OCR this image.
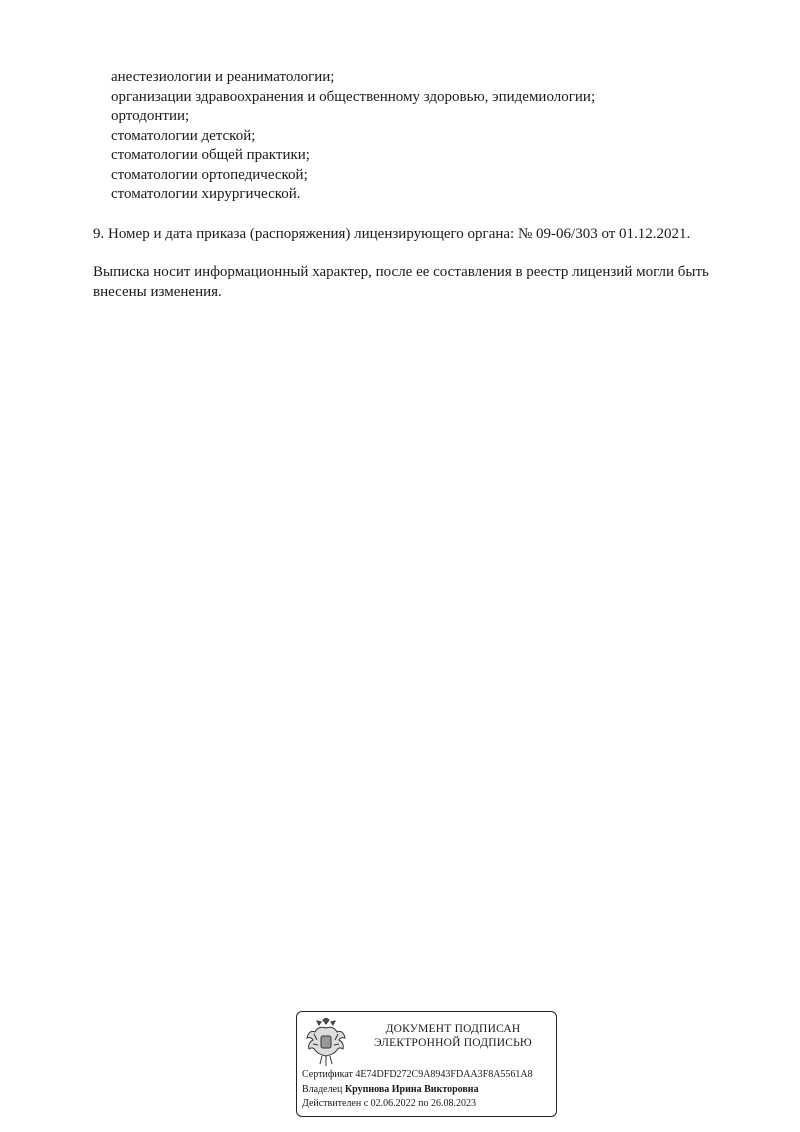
анестезиологии и реаниматологии;
организации здравоохранения и общественному здоровью, эпидемиологии;
ортодонтии;
стоматологии детской;
стоматологии общей практики;
стоматологии ортопедической;
стоматологии хирургической.
9. Номер и дата приказа (распоряжения) лицензирующего органа: № 09-06/303 от 01.12.2021.
Выписка носит информационный характер, после ее составления в реестр лицензий могли быть внесены изменения.
ДОКУМЕНТ ПОДПИСАН
ЭЛЕКТРОННОЙ ПОДПИСЬЮ
Сертификат 4E74DFD272C9A8943FDAA3F8A5561A8
Владелец Крупнова Ирина Викторовна
Действителен с 02.06.2022 по 26.08.2023
